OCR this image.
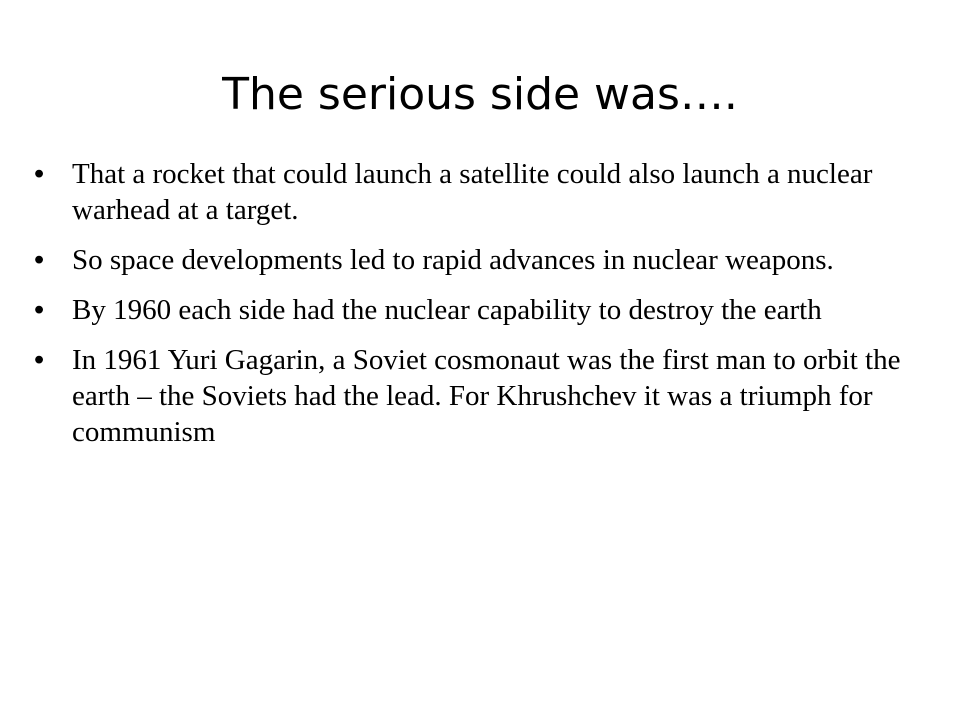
The serious side was….
• That a rocket that could launch a satellite could also launch a nuclear warhead at a target.
• So space developments led to rapid advances in nuclear weapons.
• By 1960 each side had the nuclear capability to destroy the earth
• In 1961 Yuri Gagarin, a Soviet cosmonaut was the first man to orbit the earth – the Soviets had the lead. For Khrushchev it was a triumph for communism
